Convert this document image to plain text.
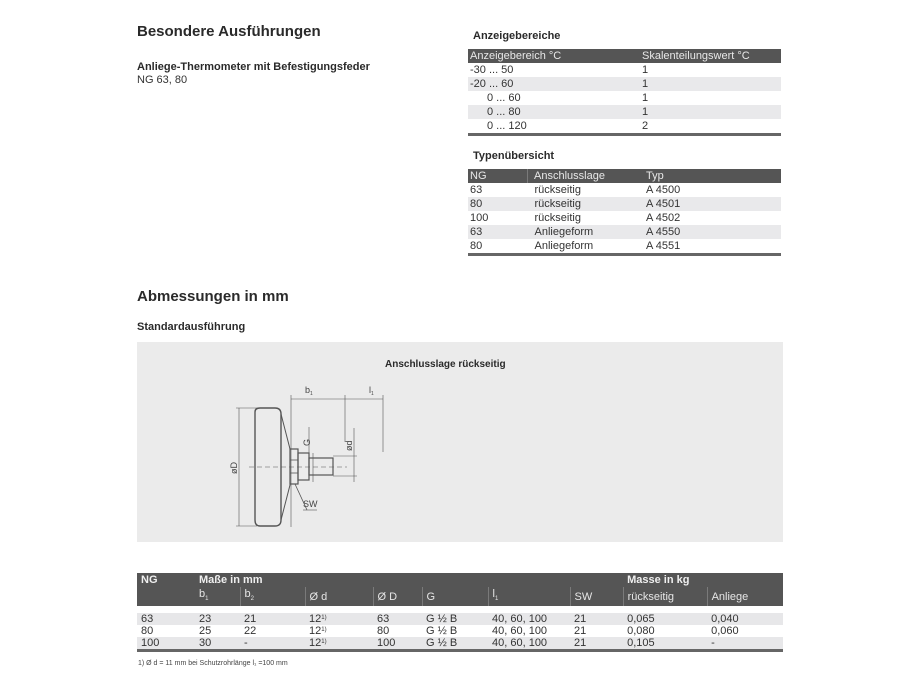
Besondere Ausführungen
Anliege-Thermometer mit Befestigungsfeder
NG 63, 80
Anzeigebereiche
Anzeigebereich °C	Skalenteilungswert °C
-30 ... 50	1
-20 ... 60	1
0 ... 60	1
0 ... 80	1
0 ... 120	2
Typenübersicht
NG	Anschlusslage	Typ
63	rückseitig	A 4500
80	rückseitig	A 4501
100	rückseitig	A 4502
63	Anliegeform	A 4550
80	Anliegeform	A 4551
Abmessungen in mm
Standardausführung
Anschlusslage rückseitig
$b_1$	$l_1$
øD
G	ød
SW
NG	Maße in mm							Masse in kg	
	$b_1$	$b_2$	Ø d	Ø D	G	$l_1$	SW	rückseitig	Anliege

63	23	21	12$^{1)}$	63	G ½ B	40, 60, 100	21	0,065	0,040
80	25	22	12$^{1)}$	80	G ½ B	40, 60, 100	21	0,080	0,060
100	30	-	12$^{1)}$	100	G ½ B	40, 60, 100	21	0,105	-
1) Ø d = 11 mm bei Schutzrohrlänge l₁ =100 mm
